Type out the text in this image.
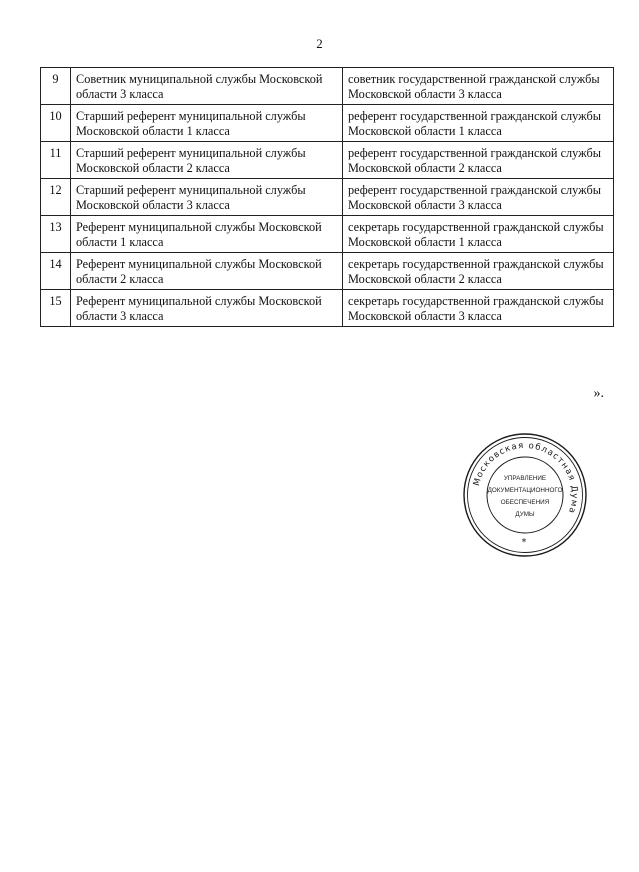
2
9	Советник муниципальной службы Московской области 3 класса	советник государственной гражданской службы Московской области 3 класса
10	Старший референт муниципальной службы Московской области 1 класса	референт государственной гражданской службы Московской области 1 класса
11	Старший референт муниципальной службы Московской области 2 класса	референт государственной гражданской службы Московской области 2 класса
12	Старший референт муниципальной службы Московской области 3 класса	референт государственной гражданской службы Московской области 3 класса
13	Референт муниципальной службы Московской области 1 класса	секретарь государственной гражданской службы Московской области 1 класса
14	Референт муниципальной службы Московской области 2 класса	секретарь государственной гражданской службы Московской области 2 класса
15	Референт муниципальной службы Московской области 3 класса	секретарь государственной гражданской службы Московской области 3 класса
».
Московская областная Дума
УПРАВЛЕНИЕ
ДОКУМЕНТАЦИОННОГО
ОБЕСПЕЧЕНИЯ
ДУМЫ
*
